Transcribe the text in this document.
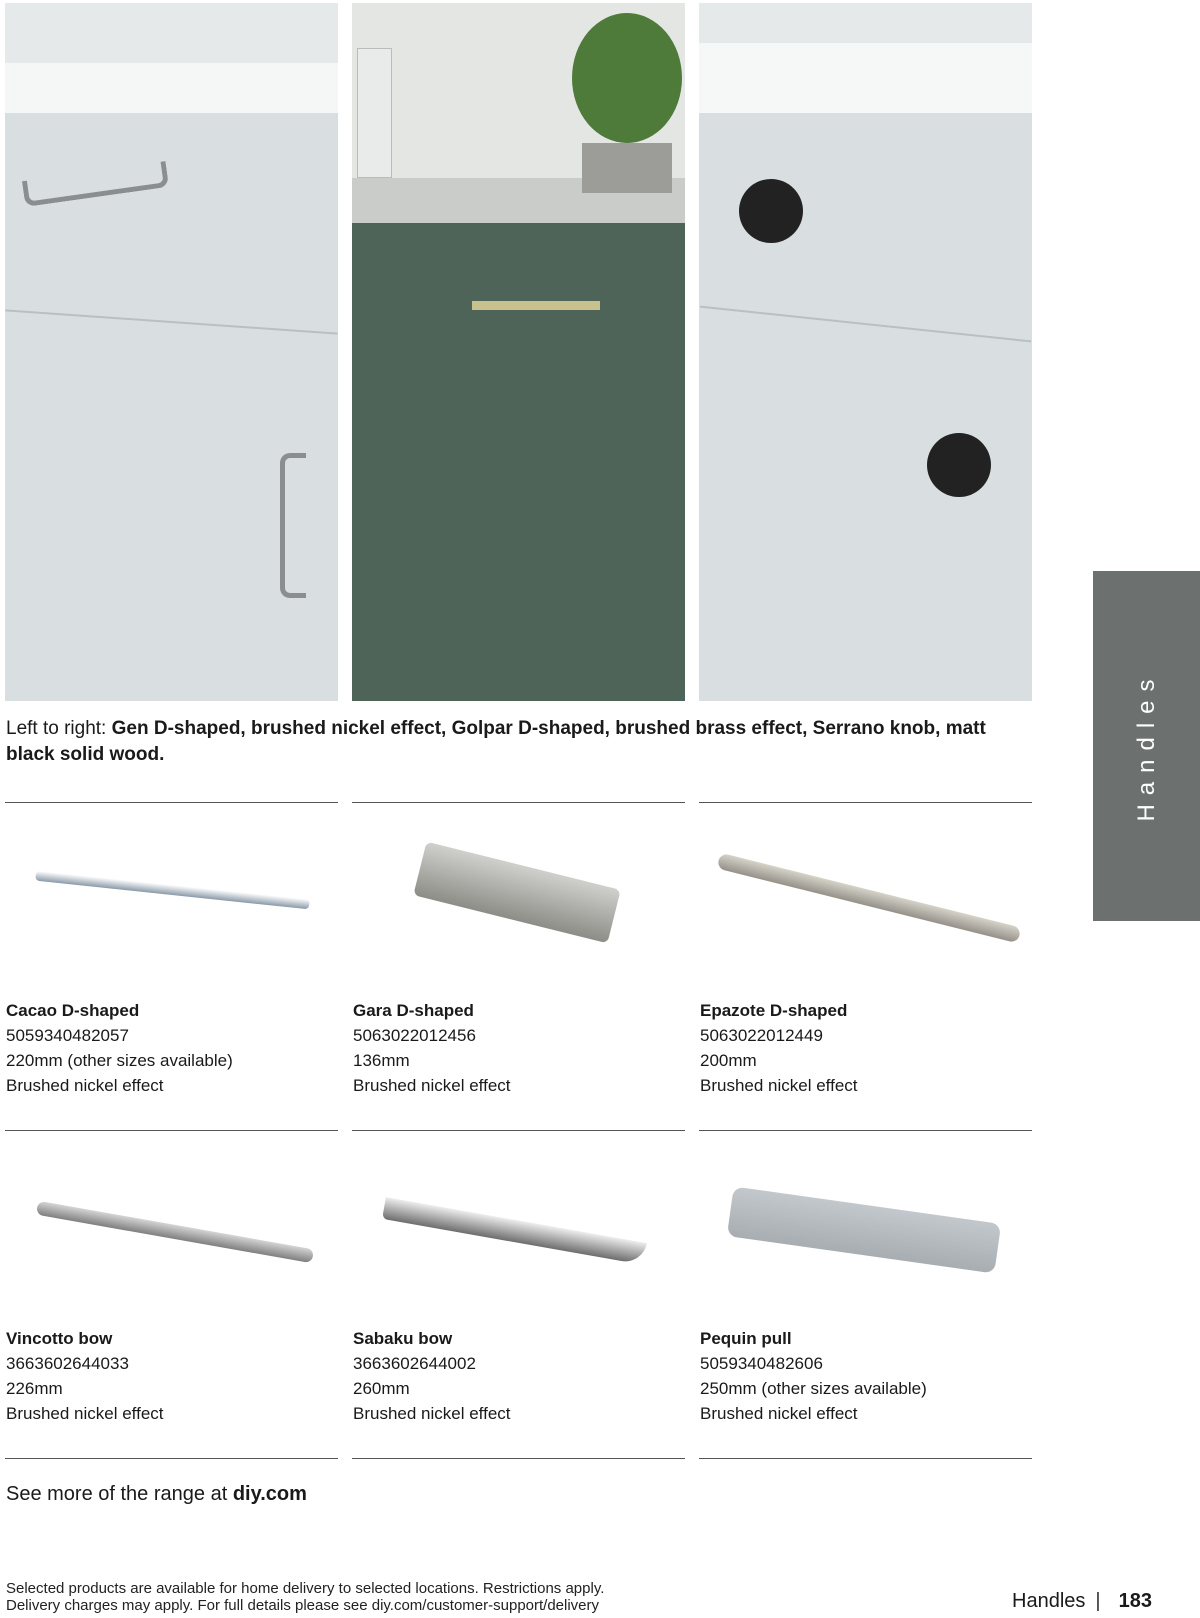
Left to right: Gen D-shaped, brushed nickel effect, Golpar D-shaped, brushed brass effect, Serrano knob, matt black solid wood.	Handles
Cacao D-shaped
5059340482057
220mm (other sizes available)
Brushed nickel effect
Gara D-shaped
5063022012456
136mm
Brushed nickel effect
Epazote D-shaped
5063022012449
200mm
Brushed nickel effect
Vincotto bow
3663602644033
226mm
Brushed nickel effect
Sabaku bow
3663602644002
260mm
Brushed nickel effect
Pequin pull
5059340482606
250mm (other sizes available)
Brushed nickel effect
See more of the range at diy.com
Selected products are available for home delivery to selected locations. Restrictions apply.
Delivery charges may apply. For full details please see diy.com/customer-support/delivery	Handles | 183
